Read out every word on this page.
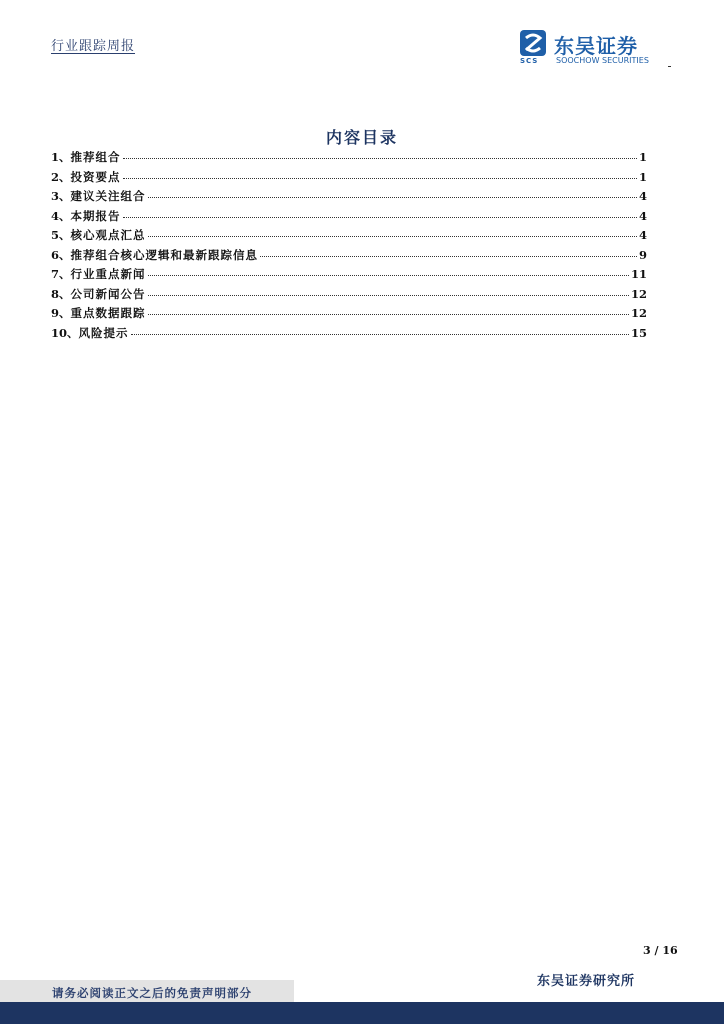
行业跟踪周报	东吴证券
SCS SOOCHOW SECURITIES
内容目录
1、 推荐组合	1
2、 投资要点	1
3、 建议关注组合	4
4、 本期报告	4
5、 核心观点汇总	4
6、 推荐组合核心逻辑和最新跟踪信息	9
7、 行业重点新闻	11
8、 公司新闻公告	12
9、 重点数据跟踪	12
10、 风险提示	15
3 / 16
东吴证券研究所
请务必阅读正文之后的免责声明部分
